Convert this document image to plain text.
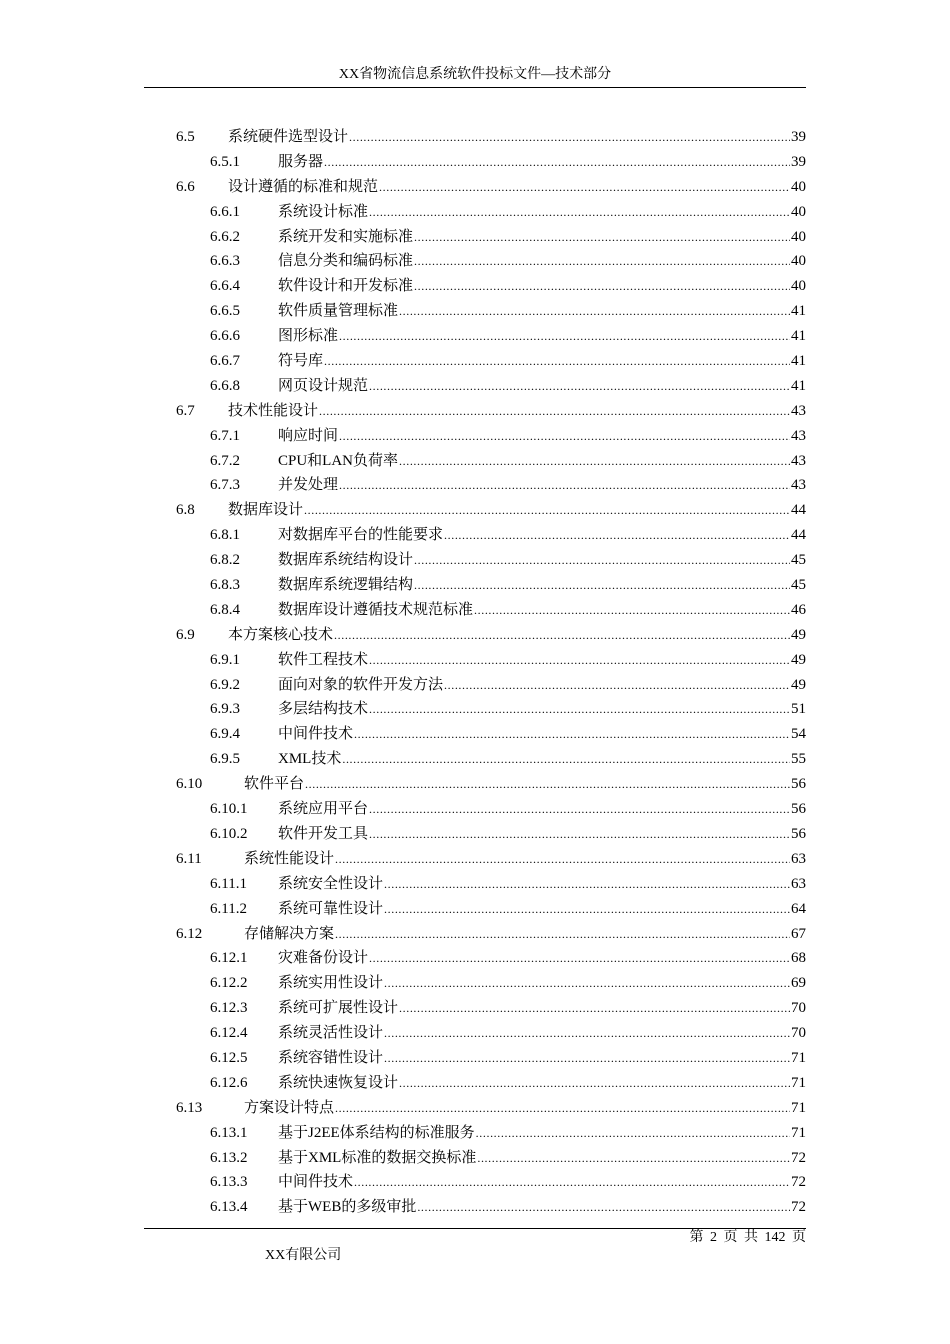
XX省物流信息系统软件投标文件—技术部分
6.5	系统硬件选型设计 .....	39
6.5.1	服务器 .....	39
6.6	设计遵循的标准和规范 .....	40
6.6.1	系统设计标准 .....	40
6.6.2	系统开发和实施标准 .....	40
6.6.3	信息分类和编码标准 .....	40
6.6.4	软件设计和开发标准 .....	40
6.6.5	软件质量管理标准 .....	41
6.6.6	图形标准 .....	41
6.6.7	符号库 .....	41
6.6.8	网页设计规范 .....	41
6.7	技术性能设计 .....	43
6.7.1	响应时间 .....	43
6.7.2	CPU和LAN负荷率 .....	43
6.7.3	并发处理 .....	43
6.8	数据库设计 .....	44
6.8.1	对数据库平台的性能要求 .....	44
6.8.2	数据库系统结构设计 .....	45
6.8.3	数据库系统逻辑结构 .....	45
6.8.4	数据库设计遵循技术规范标准 .....	46
6.9	本方案核心技术 .....	49
6.9.1	软件工程技术 .....	49
6.9.2	面向对象的软件开发方法 .....	49
6.9.3	多层结构技术 .....	51
6.9.4	中间件技术 .....	54
6.9.5	XML技术 .....	55
6.10	软件平台 .....	56
6.10.1	系统应用平台 .....	56
6.10.2	软件开发工具 .....	56
6.11	系统性能设计 .....	63
6.11.1	系统安全性设计 .....	63
6.11.2	系统可靠性设计 .....	64
6.12	存储解决方案 .....	67
6.12.1	灾难备份设计 .....	68
6.12.2	系统实用性设计 .....	69
6.12.3	系统可扩展性设计 .....	70
6.12.4	系统灵活性设计 .....	70
6.12.5	系统容错性设计 .....	71
6.12.6	系统快速恢复设计 .....	71
6.13	方案设计特点 .....	71
6.13.1	基于J2EE体系结构的标准服务 .....	71
6.13.2	基于XML标准的数据交换标准 .....	72
6.13.3	中间件技术 .....	72
6.13.4	基于WEB的多级审批 .....	72
第 2 页 共 142 页
XX有限公司
